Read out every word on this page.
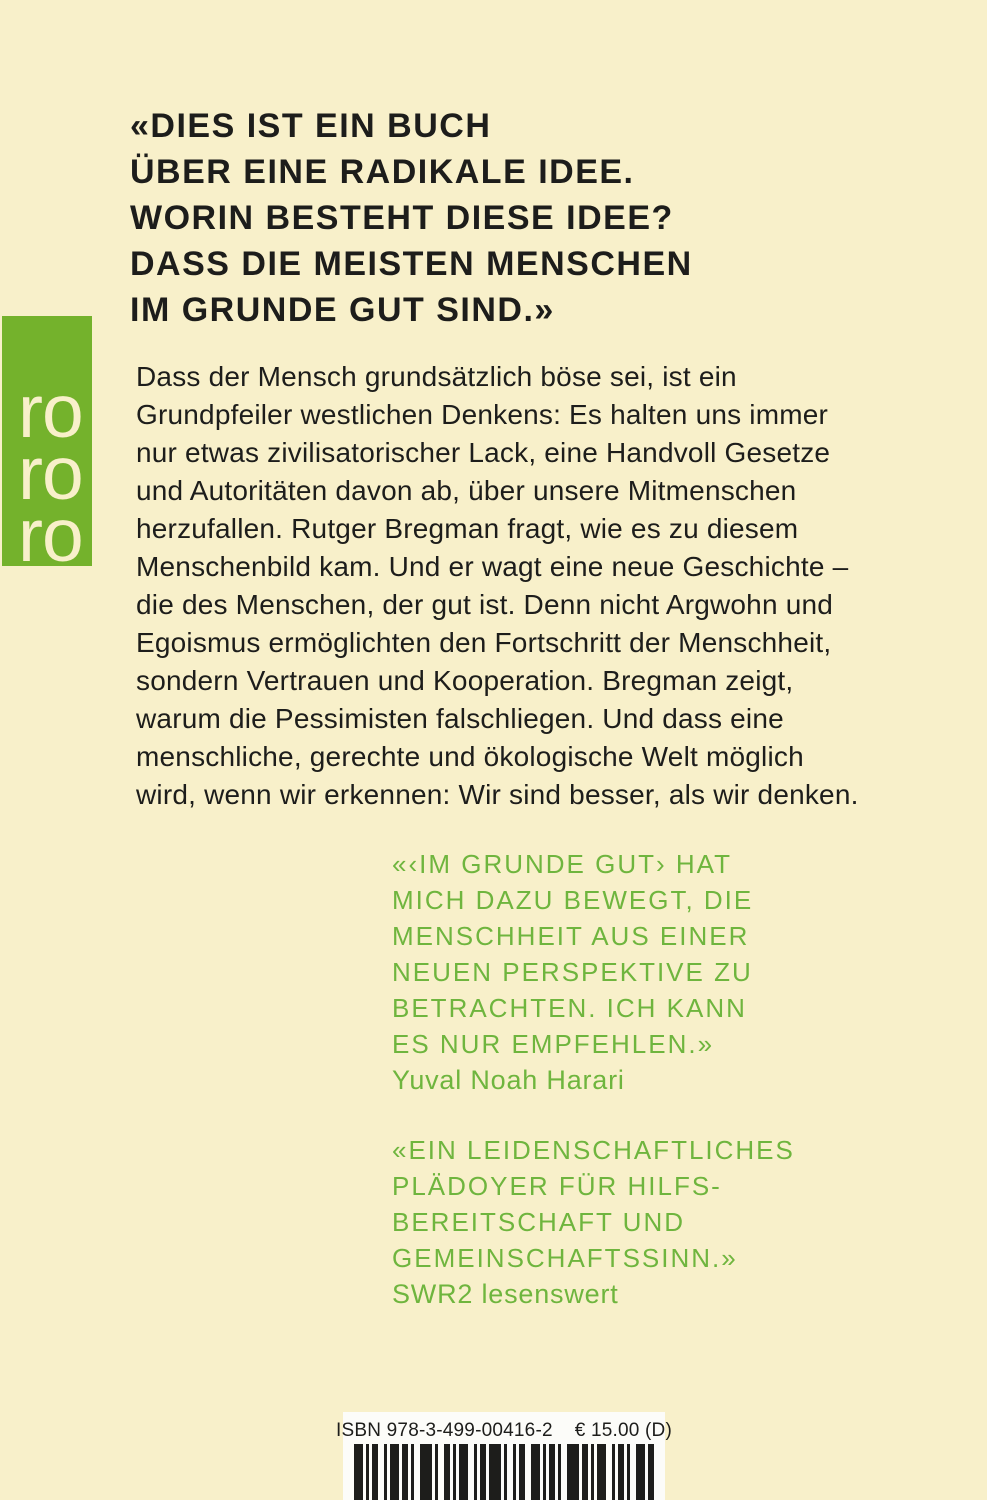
«DIES IST EIN BUCH
ÜBER EINE RADIKALE IDEE.
WORIN BESTEHT DIESE IDEE?
DASS DIE MEISTEN MENSCHEN
IM GRUNDE GUT SIND.»
ro
ro
ro
Dass der Mensch grundsätzlich böse sei, ist ein
Grundpfeiler westlichen Denkens: Es halten uns immer
nur etwas zivilisatorischer Lack, eine Handvoll Gesetze
und Autoritäten davon ab, über unsere Mitmenschen
herzufallen. Rutger Bregman fragt, wie es zu diesem
Menschenbild kam. Und er wagt eine neue Geschichte –
die des Menschen, der gut ist. Denn nicht Argwohn und
Egoismus ermöglichten den Fortschritt der Menschheit,
sondern Vertrauen und Kooperation. Bregman zeigt,
warum die Pessimisten falschliegen. Und dass eine
menschliche, gerechte und ökologische Welt möglich
wird, wenn wir erkennen: Wir sind besser, als wir denken.
«‹IM GRUNDE GUT› HAT
MICH DAZU BEWEGT, DIE
MENSCHHEIT AUS EINER
NEUEN PERSPEKTIVE ZU
BETRACHTEN. ICH KANN
ES NUR EMPFEHLEN.»
Yuval Noah Harari
«EIN LEIDENSCHAFTLICHES
PLÄDOYER FÜR HILFS-
BEREITSCHAFT UND
GEMEINSCHAFTSSINN.»
SWR2 lesenswert
ISBN 978-3-499-00416-2 € 15.00 (D)
